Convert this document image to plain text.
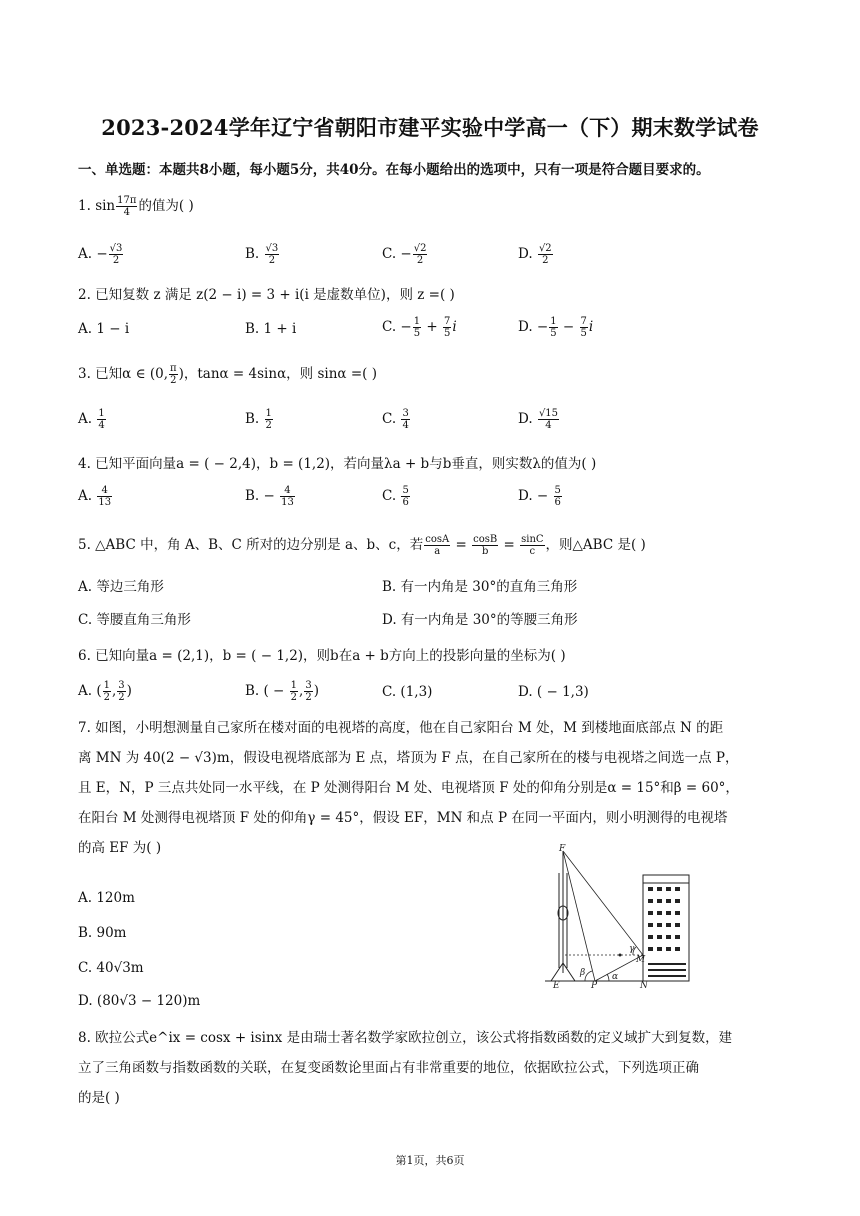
2023-2024学年辽宁省朝阳市建平实验中学高一（下）期末数学试卷
一、单选题：本题共8小题，每小题5分，共40分。在每小题给出的选项中，只有一项是符合题目要求的。
1. $\sin \frac{17\pi}{4}$ 的值为( )
A. − $\frac{√3}{2}$	B. $\frac{√3}{2}$	C. − $\frac{√2}{2}$	D. $\frac{√2}{2}$
2. 已知复数 z 满足 z(2 − i) = 3 + i(i 是虚数单位)，则 z =( )
A. 1 − i	B. 1 + i	C. − $\frac{1}{5} + \frac{7}{5}$ i	D. − $\frac{1}{5} - \frac{7}{5}$ i
3. 已知α ∈ (0, $\frac{\pi}{2}$ )，tanα = 4sinα，则 sinα =( )
A. $\frac{1}{4}$	B. $\frac{1}{2}$	C. $\frac{3}{4}$	D. $\frac{√15}{4}$
4. 已知平面向量a = ( − 2,4)，b = (1,2)，若向量λa + b与b垂直，则实数λ的值为( )
A. $\frac{4}{13}$	B. − $\frac{4}{13}$	C. $\frac{5}{6}$	D. − $\frac{5}{6}$
5. △ABC 中，角 A、B、C 所对的边分别是 a、b、c，若 $\frac{\cos A}{a} = \frac{\cos B}{b} = \frac{\sin C}{c}$ ，则△ABC 是( )
A. 等边三角形	B. 有一内角是 30°的直角三角形
C. 等腰直角三角形	D. 有一内角是 30°的等腰三角形
6. 已知向量a = (2,1)，b = ( − 1,2)，则b在a + b方向上的投影向量的坐标为( )
A. ( $\frac{1}{2}$ , $\frac{3}{2}$ )	B. ( − $\frac{1}{2}$ , $\frac{3}{2}$ )	C. (1,3)	D. ( − 1,3)
7. 如图，小明想测量自己家所在楼对面的电视塔的高度，他在自己家阳台 M 处，M 到楼地面底部点 N 的距
离 MN 为 40(2 − √3)m，假设电视塔底部为 E 点，塔顶为 F 点，在自己家所在的楼与电视塔之间选一点 P，
且 E，N，P 三点共处同一水平线，在 P 处测得阳台 M 处、电视塔顶 F 处的仰角分别是α = 15°和β = 60°，
在阳台 M 处测得电视塔顶 F 处的仰角γ = 45°，假设 EF，MN 和点 P 在同一平面内，则小明测得的电视塔
的高 EF 为( )
A. 120m
B. 90m
C. 40√3m
D. (80√3 − 120)m
F
E	P	N
M
β	α
γ
8. 欧拉公式e^ix = cosx + isinx 是由瑞士著名数学家欧拉创立，该公式将指数函数的定义域扩大到复数，建
立了三角函数与指数函数的关联，在复变函数论里面占有非常重要的地位，依据欧拉公式，下列选项正确
的是( )
第1页，共6页
